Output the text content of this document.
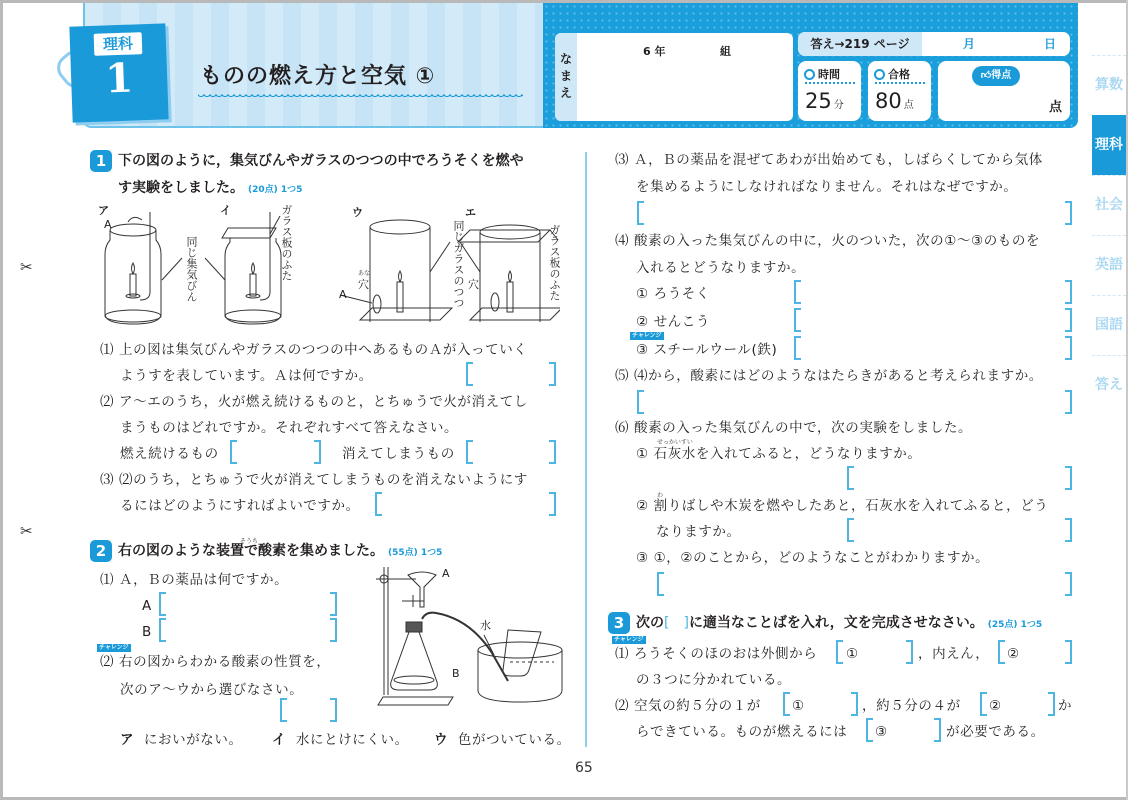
ものの燃え方と空気 ①
理科
1	なまえ
6 年	組
答え→219 ページ	月	日
時間
25 分
合格
80 点
👍︎得点
点
算数
理科
社会
英語
国語
答え
✂
✂
1 下の図のように，集気びんやガラスのつつの中でろうそくを燃や
す実験をしました。 (20点) 1つ5
ア	イ	ウ	エ
A
A
同じ集気びん	ガラス板のふた	同じガラスのつつ	ガラス板のふた
穴
あな
穴
⑴ 上の図は集気びんやガラスのつつの中へあるものＡが入っていく
ようすを表しています。Ａは何ですか。
⑵ ア〜エのうち，火が燃え続けるものと，とちゅうで火が消えてし
まうものはどれですか。それぞれすべて答えなさい。
燃え続けるもの	消えてしまうもの
⑶ ⑵のうち，とちゅうで火が消えてしまうものを消えないようにす
るにはどのようにすればよいですか。
そうち
2 右の図のような装置で酸素を集めました。 (55点) 1つ5
⑴ Ａ，Ｂの薬品は何ですか。
A
B
チャレンジ
⑵ 右の図からわかる酸素の性質を，
次のア〜ウから選びなさい。
ア においがない。 イ 水にとけにくい。 ウ 色がついている。
A
B
水
⑶ Ａ，Ｂの薬品を混ぜてあわが出始めても，しばらくしてから気体
を集めるようにしなければなりません。それはなぜですか。
⑷ 酸素の入った集気びんの中に，火のついた，次の①〜③のものを
入れるとどうなりますか。
① ろうそく
② せんこう
チャレンジ
③ スチールウール(鉄)
⑸ ⑷から，酸素にはどのようなはたらきがあると考えられますか。
⑹ 酸素の入った集気びんの中で，次の実験をしました。
せっかいすい
① 石灰水を入れてふると，どうなりますか。
わ
② 割りばしや木炭を燃やしたあと，石灰水を入れてふると，どう
なりますか。
③ ①，②のことから，どのようなことがわかりますか。
3 次の[　]に適当なことばを入れ，文を完成させなさい。 (25点) 1つ5
チャレンジ
⑴ ろうそくのほのおは外側から ①	，内えん， ②
の３つに分かれている。
⑵ 空気の約５分の１が ①	，約５分の４が ②	か
らできている。ものが燃えるには ③	が必要である。
65
